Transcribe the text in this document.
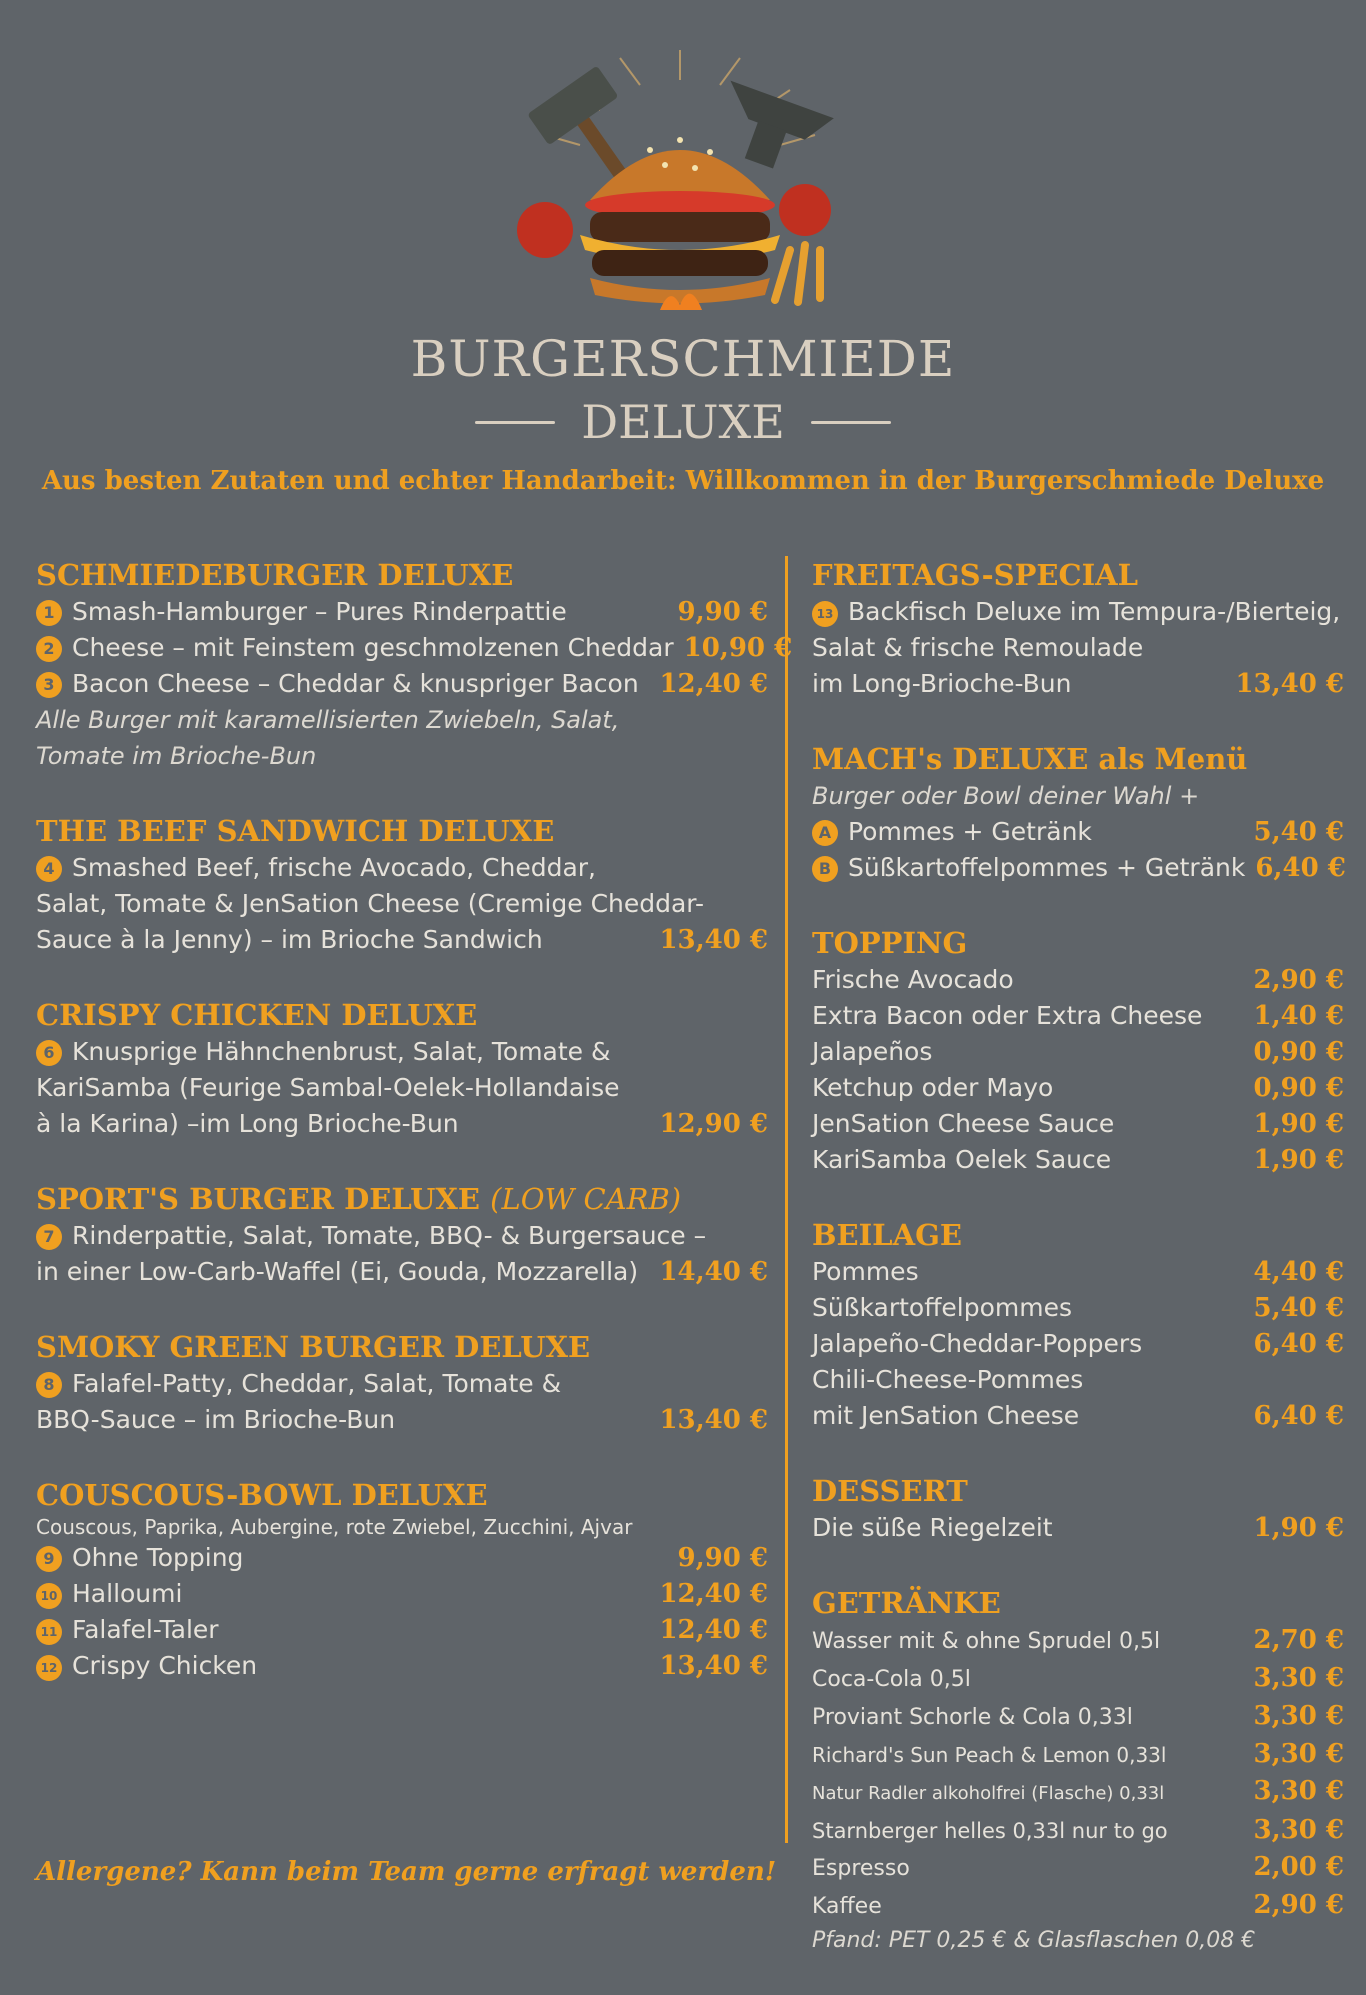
BURGERSCHMIEDE
DELUXE
Aus besten Zutaten und echter Handarbeit: Willkommen in der Burgerschmiede Deluxe
SCHMIEDEBURGER DELUXE
1 Smash-Hamburger – Pures Rinderpattie	9,90 €
2 Cheese – mit Feinstem geschmolzenen Cheddar 10,90 €
3 Bacon Cheese – Cheddar & knuspriger Bacon 12,40 €
Alle Burger mit karamellisierten Zwiebeln, Salat,
Tomate im Brioche-Bun
THE BEEF SANDWICH DELUXE
4 Smashed Beef, frische Avocado, Cheddar,
Salat, Tomate & JenSation Cheese (Cremige Cheddar-
Sauce à la Jenny) – im Brioche Sandwich	13,40 €
CRISPY CHICKEN DELUXE
6 Knusprige Hähnchenbrust, Salat, Tomate &
KariSamba (Feurige Sambal-Oelek-Hollandaise
à la Karina) –im Long Brioche-Bun	12,90 €
SPORT'S BURGER DELUXE (LOW CARB)
7 Rinderpattie, Salat, Tomate, BBQ- & Burgersauce –
in einer Low-Carb-Waffel (Ei, Gouda, Mozzarella) 14,40 €
SMOKY GREEN BURGER DELUXE
8 Falafel-Patty, Cheddar, Salat, Tomate &
BBQ-Sauce – im Brioche-Bun	13,40 €
COUSCOUS-BOWL DELUXE
Couscous, Paprika, Aubergine, rote Zwiebel, Zucchini, Ajvar
9 Ohne Topping	9,90 €
10 Halloumi	12,40 €
11 Falafel-Taler	12,40 €
12 Crispy Chicken	13,40 €
FREITAGS-SPECIAL
13 Backfisch Deluxe im Tempura-/Bierteig,
Salat & frische Remoulade
im Long-Brioche-Bun	13,40 €
MACH's DELUXE als Menü
Burger oder Bowl deiner Wahl +
A Pommes + Getränk	5,40 €
B Süßkartoffelpommes + Getränk 6,40 €
TOPPING
Frische Avocado	2,90 €
Extra Bacon oder Extra Cheese 1,40 €
Jalapeños	0,90 €
Ketchup oder Mayo	0,90 €
JenSation Cheese Sauce	1,90 €
KariSamba Oelek Sauce	1,90 €
BEILAGE
Pommes	4,40 €
Süßkartoffelpommes	5,40 €
Jalapeño-Cheddar-Poppers	6,40 €
Chili-Cheese-Pommes
mit JenSation Cheese	6,40 €
DESSERT
Die süße Riegelzeit	1,90 €
GETRÄNKE
Wasser mit & ohne Sprudel 0,5l	2,70 €
Coca-Cola 0,5l	3,30 €
Proviant Schorle & Cola 0,33l	3,30 €
Richard's Sun Peach & Lemon 0,33l	3,30 €
Natur Radler alkoholfrei (Flasche) 0,33l	3,30 €
Starnberger helles 0,33l nur to go	3,30 €
Espresso	2,00 €
Kaffee	2,90 €
Pfand: PET 0,25 € & Glasflaschen 0,08 €
Allergene? Kann beim Team gerne erfragt werden!
